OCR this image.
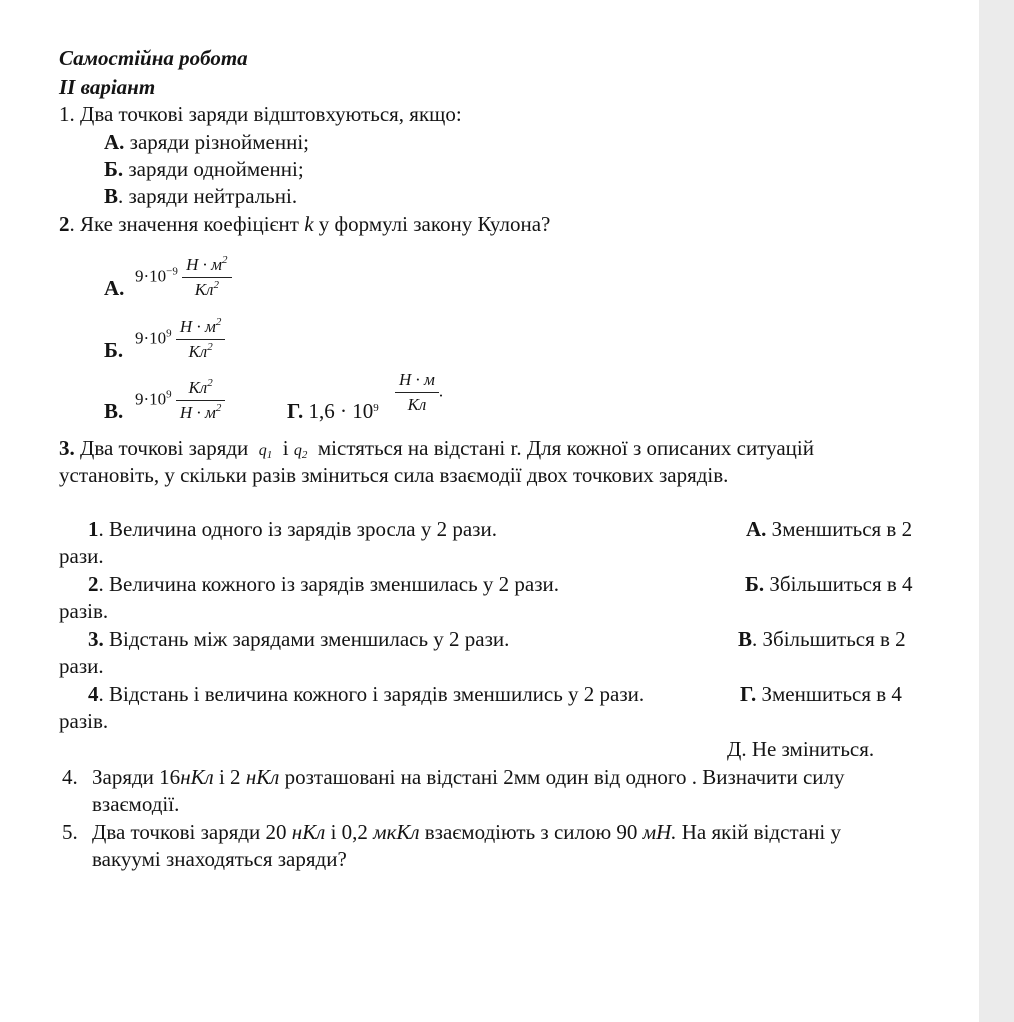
Самостійна робота
II варіант
1. Два точкові заряди відштовхуються, якщо:
А. заряди різнойменні;
Б. заряди однойменні;
В. заряди нейтральні.
2. Яке значення коефіцієнт k у формулі закону Кулона?
А.
$9\cdot 10^{-9} \frac{Н \cdot м^2}{Кл^2}$
Б.
$9\cdot 10^9 \frac{Н \cdot м^2}{Кл^2}$
В.
$9\cdot 10^9 \frac{Кл^2}{Н \cdot м^2}$	Г. $1,6 \cdot 10^9 \frac{Н \cdot м}{Кл}$ .
3. Два точкові заряди $q_1$ і $q_2$ містяться на відстані r. Для кожної з описаних ситуацій
установіть, у скільки разів зміниться сила взаємодії двох точкових зарядів.
1. Величина одного із зарядів зросла у 2 рази.	А. Зменшиться в 2
рази.
2. Величина кожного із зарядів зменшилась у 2 рази.	Б. Збільшиться в 4
разів.
3. Відстань між зарядами зменшилась у 2 рази.	В. Збільшиться в 2
рази.
4. Відстань і величина кожного і зарядів зменшились у 2 рази.	Г. Зменшиться в 4
разів.
Д. Не зміниться.
4. Заряди 16нКл і 2 нКл розташовані на відстані 2мм один від одного . Визначити силу
взаємодії.
5. Два точкові заряди 20 нКл і 0,2 мкКл взаємодіють з силою 90 мН. На якій відстані у
вакуумі знаходяться заряди?
